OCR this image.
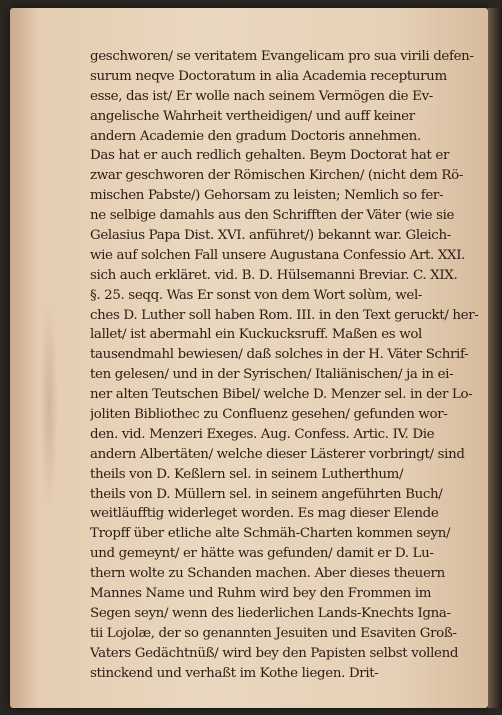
geschworen/ se veritatem Evangelicam pro sua virili defen-
surum neqve Doctoratum in alia Academia recepturum
esse, das ist/ Er wolle nach seinem Vermögen die Ev-
angelische Wahrheit vertheidigen/ und auff keiner
andern Academie den gradum Doctoris annehmen.
Das hat er auch redlich gehalten. Beym Doctorat hat er
zwar geschworen der Römischen Kirchen/ (nicht dem Rö-
mischen Pabste/) Gehorsam zu leisten; Nemlich so fer-
ne selbige damahls aus den Schrifften der Väter (wie sie
Gelasius Papa Dist. XVI. anführet/) bekannt war. Gleich-
wie auf solchen Fall unsere Augustana Confessio Art. XXI.
sich auch erkläret. vid. B. D. Hülsemanni Breviar. C. XIX.
§. 25. seqq. Was Er sonst von dem Wort solùm, wel-
ches D. Luther soll haben Rom. III. in den Text geruckt/ her-
lallet/ ist abermahl ein Kuckucksruff. Maßen es wol
tausendmahl bewiesen/ daß solches in der H. Väter Schrif-
ten gelesen/ und in der Syrischen/ Italiänischen/ ja in ei-
ner alten Teutschen Bibel/ welche D. Menzer sel. in der Lo-
joliten Bibliothec zu Confluenz gesehen/ gefunden wor-
den. vid. Menzeri Exeges. Aug. Confess. Artic. IV. Die
andern Albertäten/ welche dieser Lästerer vorbringt/ sind
theils von D. Keßlern sel. in seinem Lutherthum/
theils von D. Müllern sel. in seinem angeführten Buch/
weitläufftig widerleget worden. Es mag dieser Elende
Tropff über etliche alte Schmäh-Charten kommen seyn/
und gemeynt/ er hätte was gefunden/ damit er D. Lu-
thern wolte zu Schanden machen. Aber dieses theuern
Mannes Name und Ruhm wird bey den Frommen im
Segen seyn/ wenn des liederlichen Lands-Knechts Igna-
tii Lojolæ, der so genannten Jesuiten und Esaviten Groß-
Vaters Gedächtnüß/ wird bey den Papisten selbst vollend
stinckend und verhaßt im Kothe liegen. Drit-
